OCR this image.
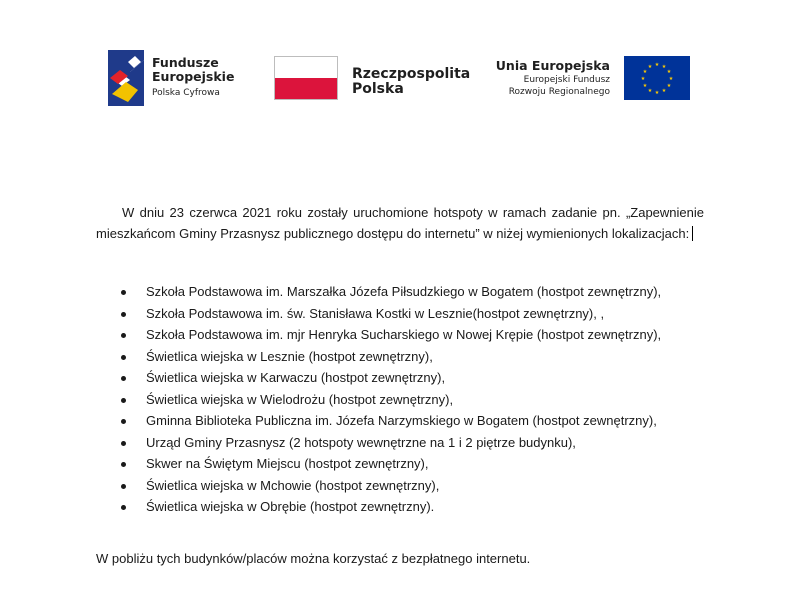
Fundusze
Europejskie
Polska Cyfrowa
Rzeczpospolita
Polska
Unia Europejska
Europejski Fundusz
Rozwoju Regionalnego
★ ★
★
★
★
★
★
★
★
★
★
★

W dniu 23 czerwca 2021 roku zostały uruchomione hotspoty w ramach zadanie pn. „Zapewnienie mieszkańcom Gminy Przasnysz publicznego dostępu do internetu” w niżej wymienionych lokalizacjach:

Szkoła Podstawowa im. Marszałka Józefa Piłsudzkiego w Bogatem (hostpot zewnętrzny),
Szkoła Podstawowa im. św. Stanisława Kostki w Lesznie(hostpot zewnętrzny), ,
Szkoła Podstawowa im. mjr Henryka Sucharskiego w Nowej Krępie (hostpot zewnętrzny),
Świetlica wiejska w Lesznie (hostpot zewnętrzny),
Świetlica wiejska w Karwaczu (hostpot zewnętrzny),
Świetlica wiejska w Wielodrożu (hostpot zewnętrzny),
Gminna Biblioteka Publiczna im. Józefa Narzymskiego w Bogatem (hostpot zewnętrzny),
Urząd Gminy Przasnysz (2 hotspoty wewnętrzne na 1 i 2 piętrze budynku),
Skwer na Świętym Miejscu (hostpot zewnętrzny),
Świetlica wiejska w Mchowie (hostpot zewnętrzny),
Świetlica wiejska w Obrębie (hostpot zewnętrzny).
W pobliżu tych budynków/placów można korzystać z bezpłatnego internetu.
